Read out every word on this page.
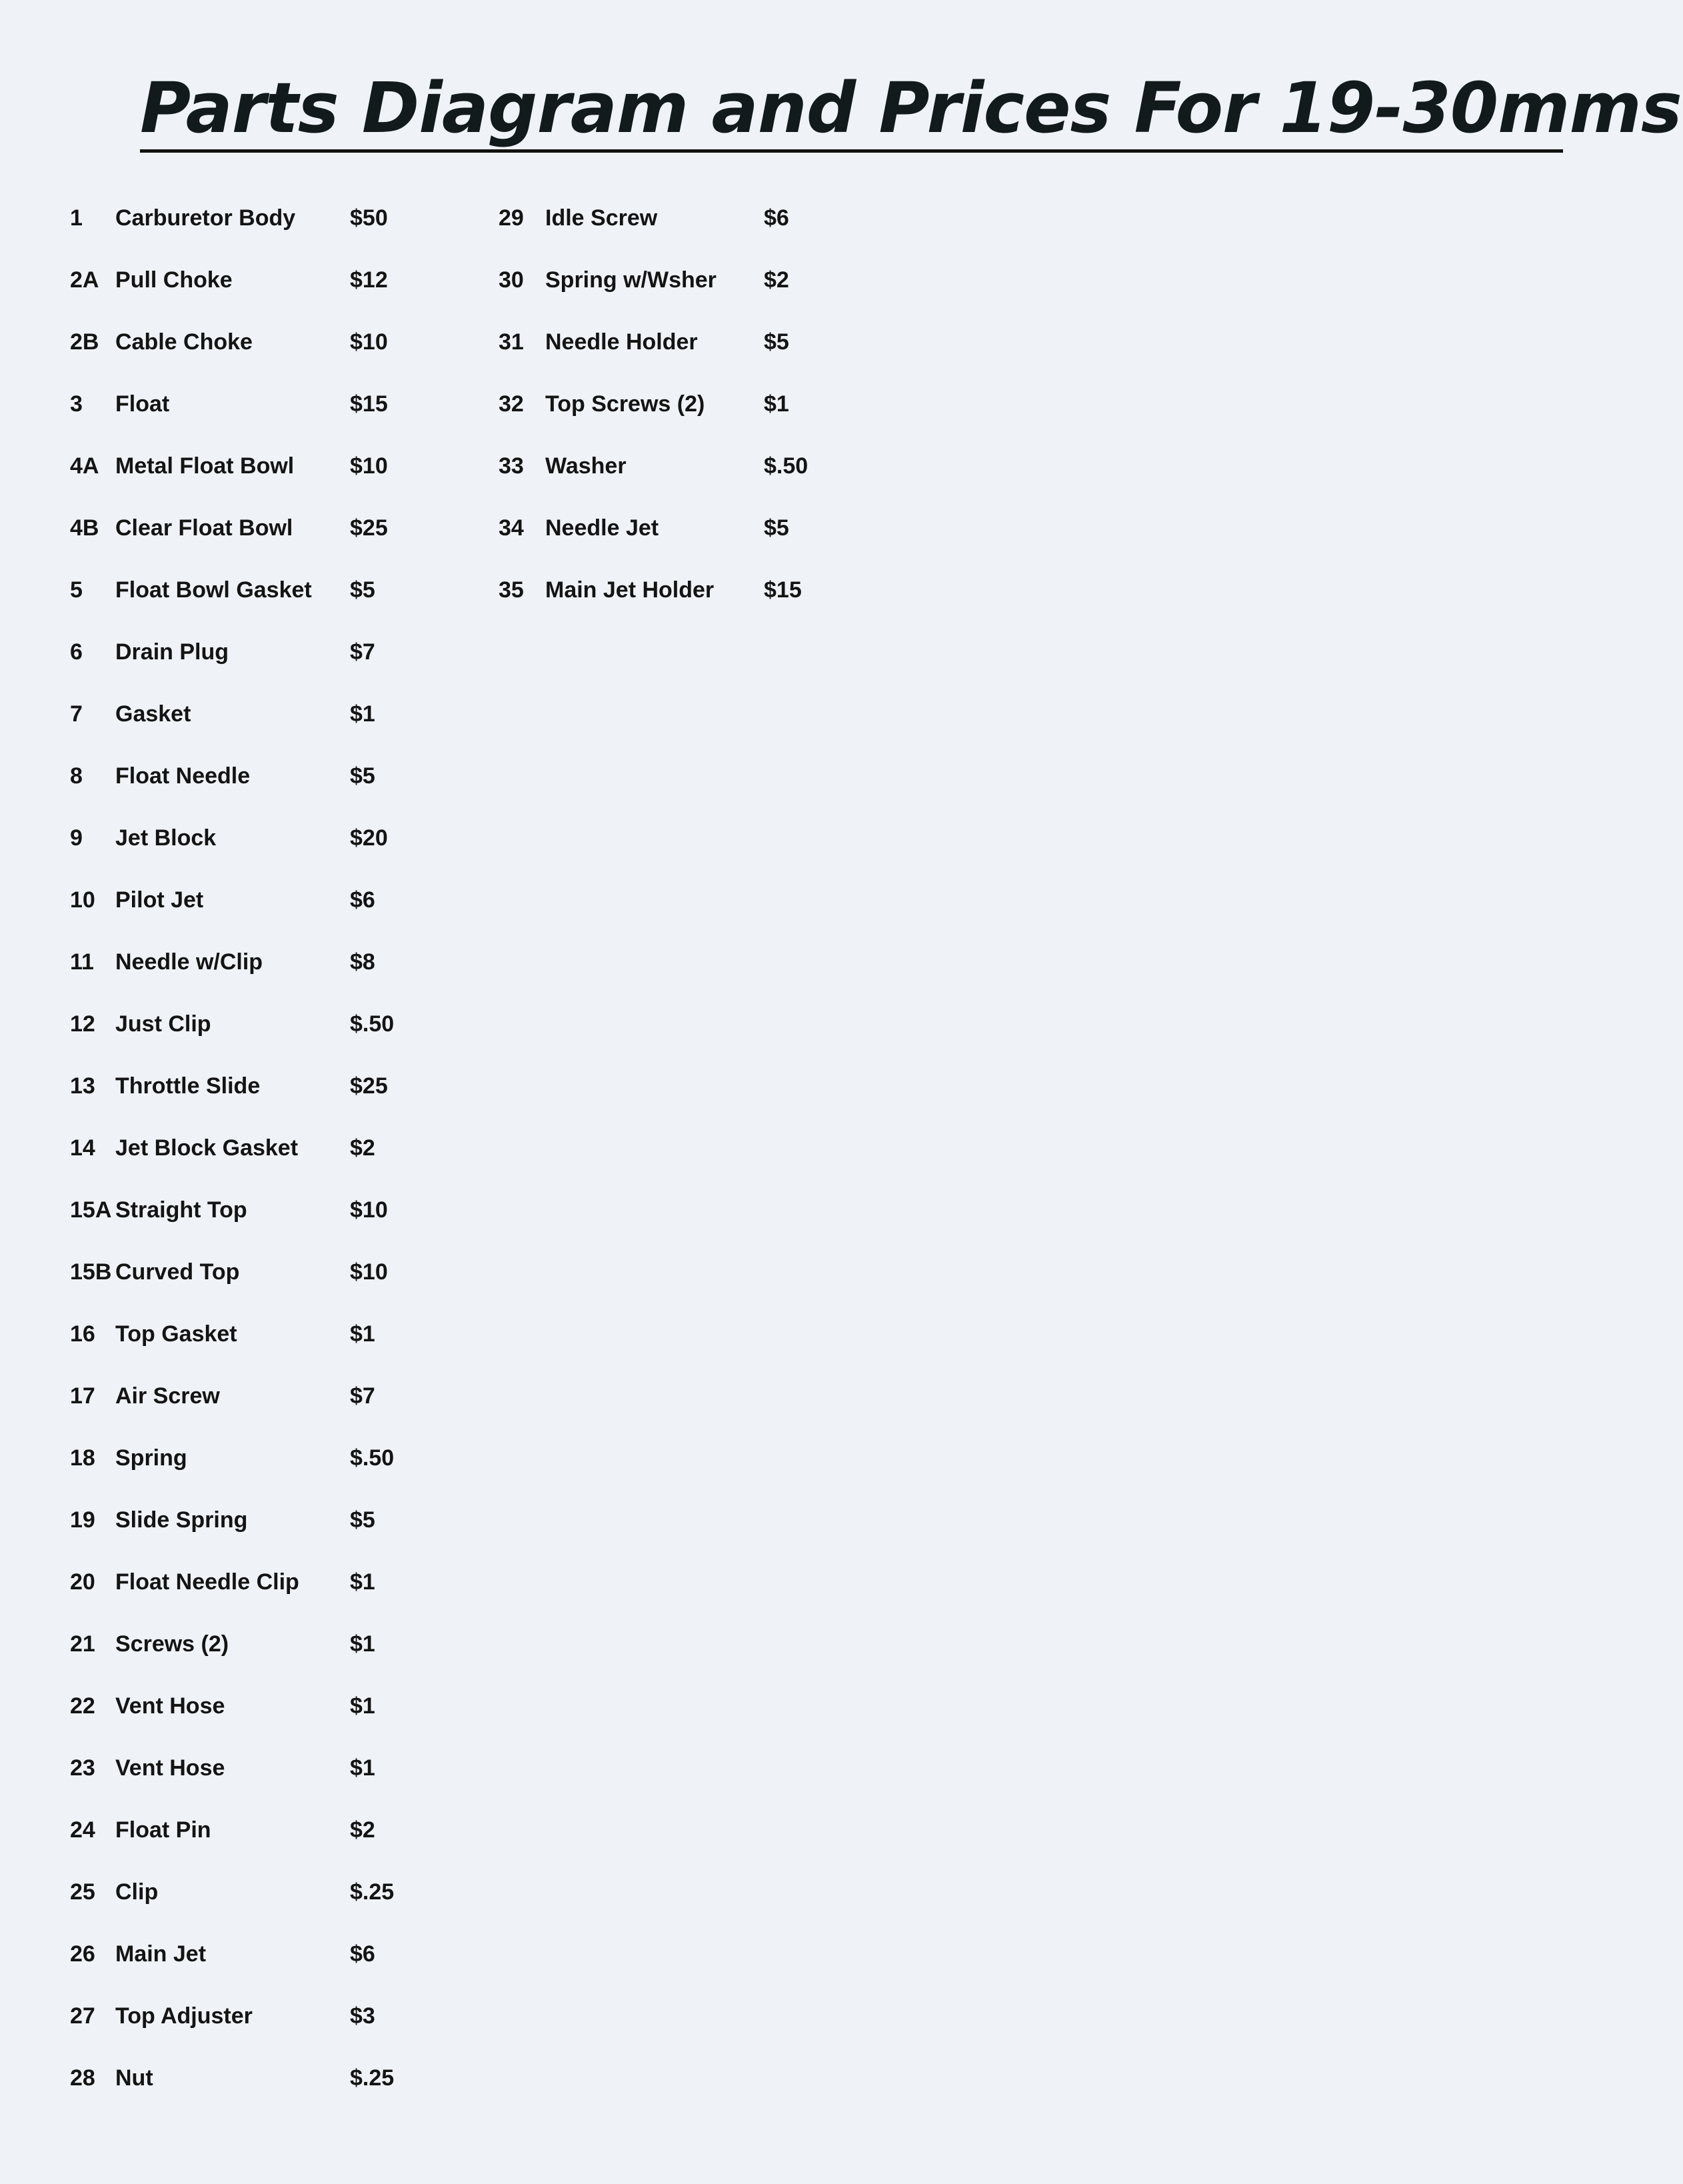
Parts Diagram and Prices For 19-30mms
1 Carburetor Body $50
2A Pull Choke	$12
2B Cable Choke	$10
3 Float	$15
4A Metal Float Bowl $10
4B Clear Float Bowl	$25
5 Float Bowl Gasket $5
6 Drain Plug	$7
7 Gasket	$1
8 Float Needle	$5
9 Jet Block	$20
10 Pilot Jet	$6
11 Needle w/Clip	$8
12 Just Clip	$.50
13 Throttle Slide	$25
14 Jet Block Gasket $2
15A Straight Top	$10
15B Curved Top	$10
16 Top Gasket	$1
17 Air Screw	$7
18 Spring	$.50
19 Slide Spring	$5
20 Float Needle Clip $1
21 Screws (2)	$1
22 Vent Hose	$1
23 Vent Hose	$1
24 Float Pin	$2
25 Clip	$.25
26 Main Jet	$6
27 Top Adjuster	$3
28 Nut	$.25
29 Idle Screw	$6
30 Spring w/Wsher $2
31 Needle Holder	$5
32 Top Screws (2)	$1
33 Washer	$.50
34 Needle Jet	$5
35 Main Jet Holder $15
